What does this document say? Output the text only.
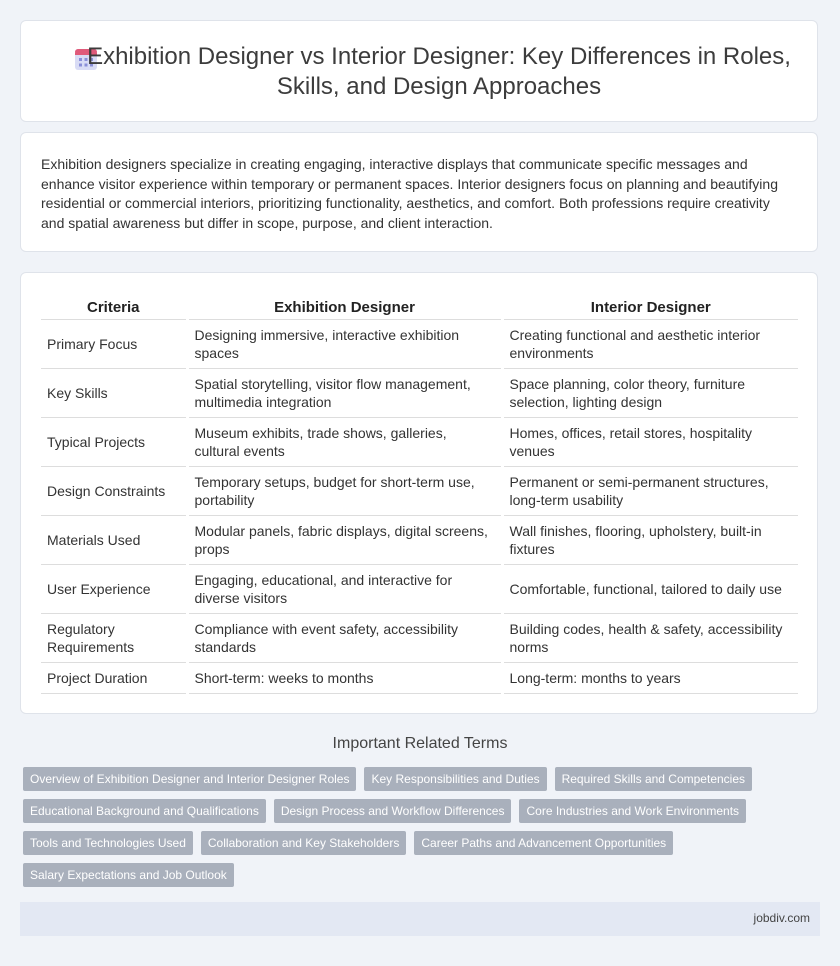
Exhibition Designer vs Interior Designer: Key Differences in Roles, Skills, and Design Approaches

Exhibition designers specialize in creating engaging, interactive displays that communicate specific messages and enhance visitor experience within temporary or permanent spaces. Interior designers focus on planning and beautifying residential or commercial interiors, prioritizing functionality, aesthetics, and comfort. Both professions require creativity and spatial awareness but differ in scope, purpose, and client interaction.

Criteria	Exhibition Designer	Interior Designer
Primary Focus	Designing immersive, interactive exhibition spaces	Creating functional and aesthetic interior environments
Key Skills	Spatial storytelling, visitor flow management, multimedia integration	Space planning, color theory, furniture selection, lighting design
Typical Projects	Museum exhibits, trade shows, galleries, cultural events	Homes, offices, retail stores, hospitality venues
Design Constraints	Temporary setups, budget for short-term use, portability	Permanent or semi-permanent structures, long-term usability
Materials Used	Modular panels, fabric displays, digital screens, props	Wall finishes, flooring, upholstery, built-in fixtures
User Experience	Engaging, educational, and interactive for diverse visitors	Comfortable, functional, tailored to daily use
Regulatory Requirements	Compliance with event safety, accessibility standards	Building codes, health & safety, accessibility norms
Project Duration	Short-term: weeks to months	Long-term: months to years
Important Related Terms
Overview of Exhibition Designer and Interior Designer Roles	Key Responsibilities and Duties	Required Skills and Competencies
Educational Background and Qualifications	Design Process and Workflow Differences	Core Industries and Work Environments
Tools and Technologies Used	Collaboration and Key Stakeholders	Career Paths and Advancement Opportunities
Salary Expectations and Job Outlook
jobdiv.com
